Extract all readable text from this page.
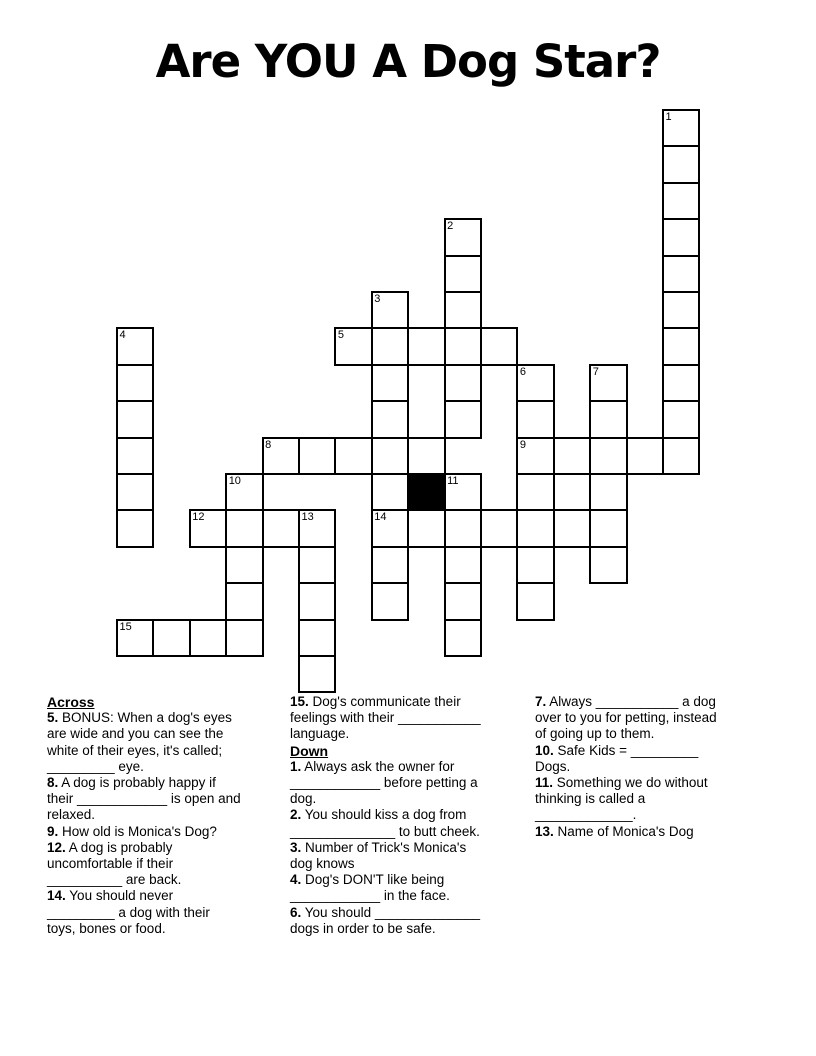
Are YOU A Dog Star?
1
2
3
4	5
6	7
8	9
10	11
12	13	14
15

Across

5. BONUS: When a dog's eyes
are wide and you can see the
white of their eyes, it's called;
_________ eye.

8. A dog is probably happy if
their ____________ is open and
relaxed.

9. How old is Monica's Dog?

12. A dog is probably
uncomfortable if their
__________ are back.

14. You should never
_________ a dog with their
toys, bones or food.

15. Dog's communicate their
feelings with their ___________
language.

Down

1. Always ask the owner for
____________ before petting a
dog.

2. You should kiss a dog from
______________ to butt cheek.

3. Number of Trick's Monica's
dog knows

4. Dog's DON'T like being
____________ in the face.

6. You should ______________
dogs in order to be safe.

7. Always ___________ a dog
over to you for petting, instead
of going up to them.

10. Safe Kids = _________
Dogs.

11. Something we do without
thinking is called a
_____________.

13. Name of Monica's Dog
